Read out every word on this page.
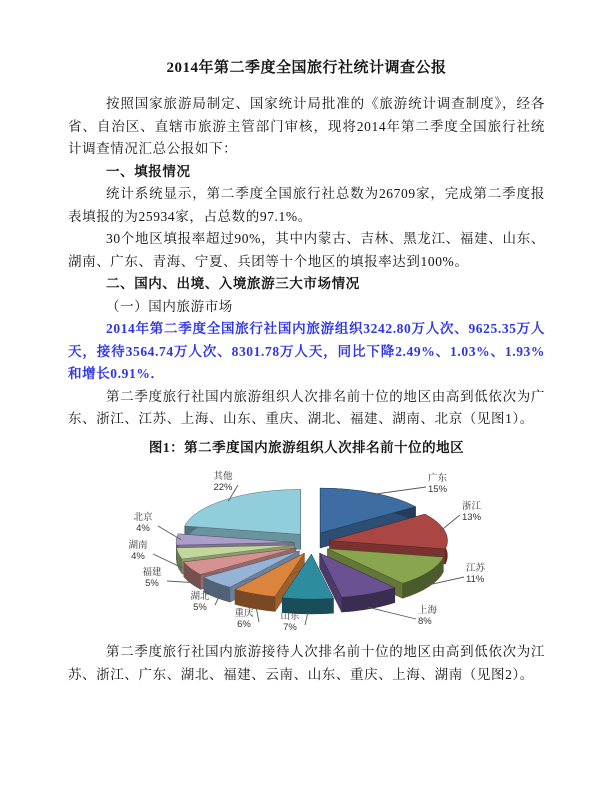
2014年第二季度全国旅行社统计调查公报

按照国家旅游局制定、国家统计局批准的《旅游统计调查制度》，经各省、自治区、直辖市旅游主管部门审核，现将2014年第二季度全国旅行社统计调查情况汇总公报如下：

一、填报情况

统计系统显示，第二季度全国旅行社总数为26709家，完成第二季度报表填报的为25934家，占总数的97.1%。

30个地区填报率超过90%，其中内蒙古、吉林、黑龙江、福建、山东、湖南、广东、青海、宁夏、兵团等十个地区的填报率达到100%。

二、国内、出境、入境旅游三大市场情况

（一）国内旅游市场

2014年第二季度全国旅行社国内旅游组织3242.80万人次、9625.35万人天，接待3564.74万人次、8301.78万人天，同比下降2.49%、1.03%、1.93%和增长0.91%．

第二季度旅行社国内旅游组织人次排名前十位的地区由高到低依次为广东、浙江、江苏、上海、山东、重庆、湖北、福建、湖南、北京（见图1）。

图1：第二季度国内旅游组织人次排名前十位的地区

广东
15%
浙江
13%
江苏
11%
上海
8%
山东
7%
重庆
6%
湖北
5%
福建
5%
湖南
4%
北京
4%
其他
22%

第二季度旅行社国内旅游接待人次排名前十位的地区由高到低依次为江苏、浙江、广东、湖北、福建、云南、山东、重庆、上海、湖南（见图2）。
